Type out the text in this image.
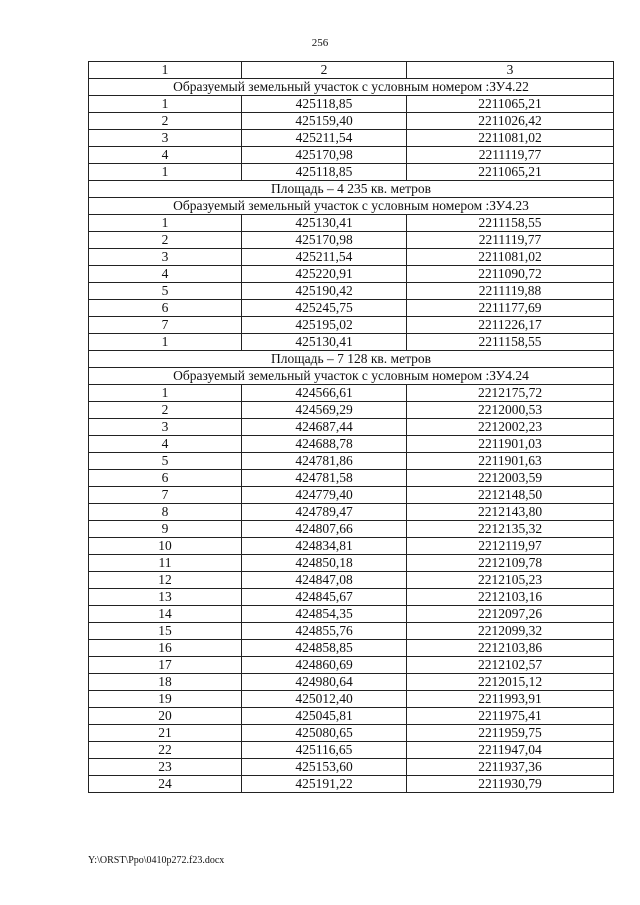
256
1	2	3
Образуемый земельный участок с условным номером :ЗУ4.22		
1	425118,85	2211065,21
2	425159,40	2211026,42
3	425211,54	2211081,02
4	425170,98	2211119,77
1	425118,85	2211065,21
Площадь – 4 235 кв. метров		
Образуемый земельный участок с условным номером :ЗУ4.23		
1	425130,41	2211158,55
2	425170,98	2211119,77
3	425211,54	2211081,02
4	425220,91	2211090,72
5	425190,42	2211119,88
6	425245,75	2211177,69
7	425195,02	2211226,17
1	425130,41	2211158,55
Площадь – 7 128 кв. метров		
Образуемый земельный участок с условным номером :ЗУ4.24		
1	424566,61	2212175,72
2	424569,29	2212000,53
3	424687,44	2212002,23
4	424688,78	2211901,03
5	424781,86	2211901,63
6	424781,58	2212003,59
7	424779,40	2212148,50
8	424789,47	2212143,80
9	424807,66	2212135,32
10	424834,81	2212119,97
11	424850,18	2212109,78
12	424847,08	2212105,23
13	424845,67	2212103,16
14	424854,35	2212097,26
15	424855,76	2212099,32
16	424858,85	2212103,86
17	424860,69	2212102,57
18	424980,64	2212015,12
19	425012,40	2211993,91
20	425045,81	2211975,41
21	425080,65	2211959,75
22	425116,65	2211947,04
23	425153,60	2211937,36
24	425191,22	2211930,79
Y:\ORST\Ppo\0410p272.f23.docx
